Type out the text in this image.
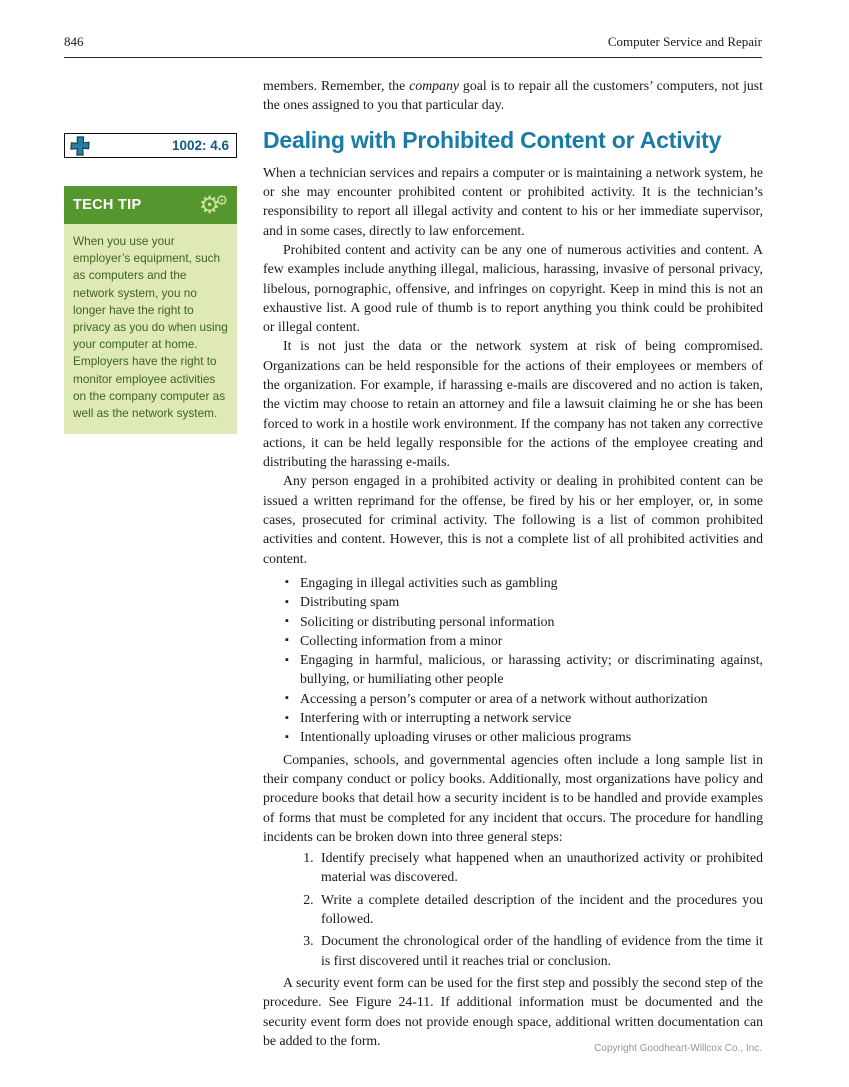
846	Computer Service and Repair
1002: 4.6
TECH TIP
⚙
⚙
When you use your employer’s equipment, such as computers and the network system, you no longer have the right to privacy as you do when using your computer at home. Employers have the right to monitor employee activities on the company computer as well as the network system.

members. Remember, the company goal is to repair all the customers’ computers, not just the ones assigned to you that particular day.

Dealing with Prohibited Content or Activity

When a technician services and repairs a computer or is maintaining a network system, he or she may encounter prohibited content or prohibited activity. It is the technician’s responsibility to report all illegal activity and content to his or her immediate supervisor, and in some cases, directly to law enforcement.

Prohibited content and activity can be any one of numerous activities and content. A few examples include anything illegal, malicious, harassing, invasive of personal privacy, libelous, pornographic, offensive, and infringes on copyright. Keep in mind this is not an exhaustive list. A good rule of thumb is to report anything you think could be prohibited or illegal content.

It is not just the data or the network system at risk of being compromised. Organizations can be held responsible for the actions of their employees or members of the organization. For example, if harassing e-mails are discovered and no action is taken, the victim may choose to retain an attorney and file a lawsuit claiming he or she has been forced to work in a hostile work environment. If the company has not taken any corrective actions, it can be held legally responsible for the actions of the employee creating and distributing the harassing e-mails.

Any person engaged in a prohibited activity or dealing in prohibited content can be issued a written reprimand for the offense, be fired by his or her employer, or, in some cases, prosecuted for criminal activity. The following is a list of common prohibited activities and content. However, this is not a complete list of all prohibited activities and content.

▪ Engaging in illegal activities such as gambling
▪ Distributing spam
▪ Soliciting or distributing personal information
▪ Collecting information from a minor
▪ Engaging in harmful, malicious, or harassing activity; or discriminating against, bullying, or humiliating other people
▪ Accessing a person’s computer or area of a network without authorization
▪ Interfering with or interrupting a network service
▪ Intentionally uploading viruses or other malicious programs

Companies, schools, and governmental agencies often include a long sample list in their company conduct or policy books. Additionally, most organizations have policy and procedure books that detail how a security incident is to be handled and provide examples of forms that must be completed for any incident that occurs. The procedure for handling incidents can be broken down into three general steps:

1. Identify precisely what happened when an unauthorized activity or prohibited material was discovered.
2. Write a complete detailed description of the incident and the procedures you followed.
3. Document the chronological order of the handling of evidence from the time it is first discovered until it reaches trial or conclusion.

A security event form can be used for the first step and possibly the second step of the procedure. See Figure 24-11. If additional information must be documented and the security event form does not provide enough space, additional written documentation can be added to the form.

Copyright Goodheart-Willcox Co., Inc.
